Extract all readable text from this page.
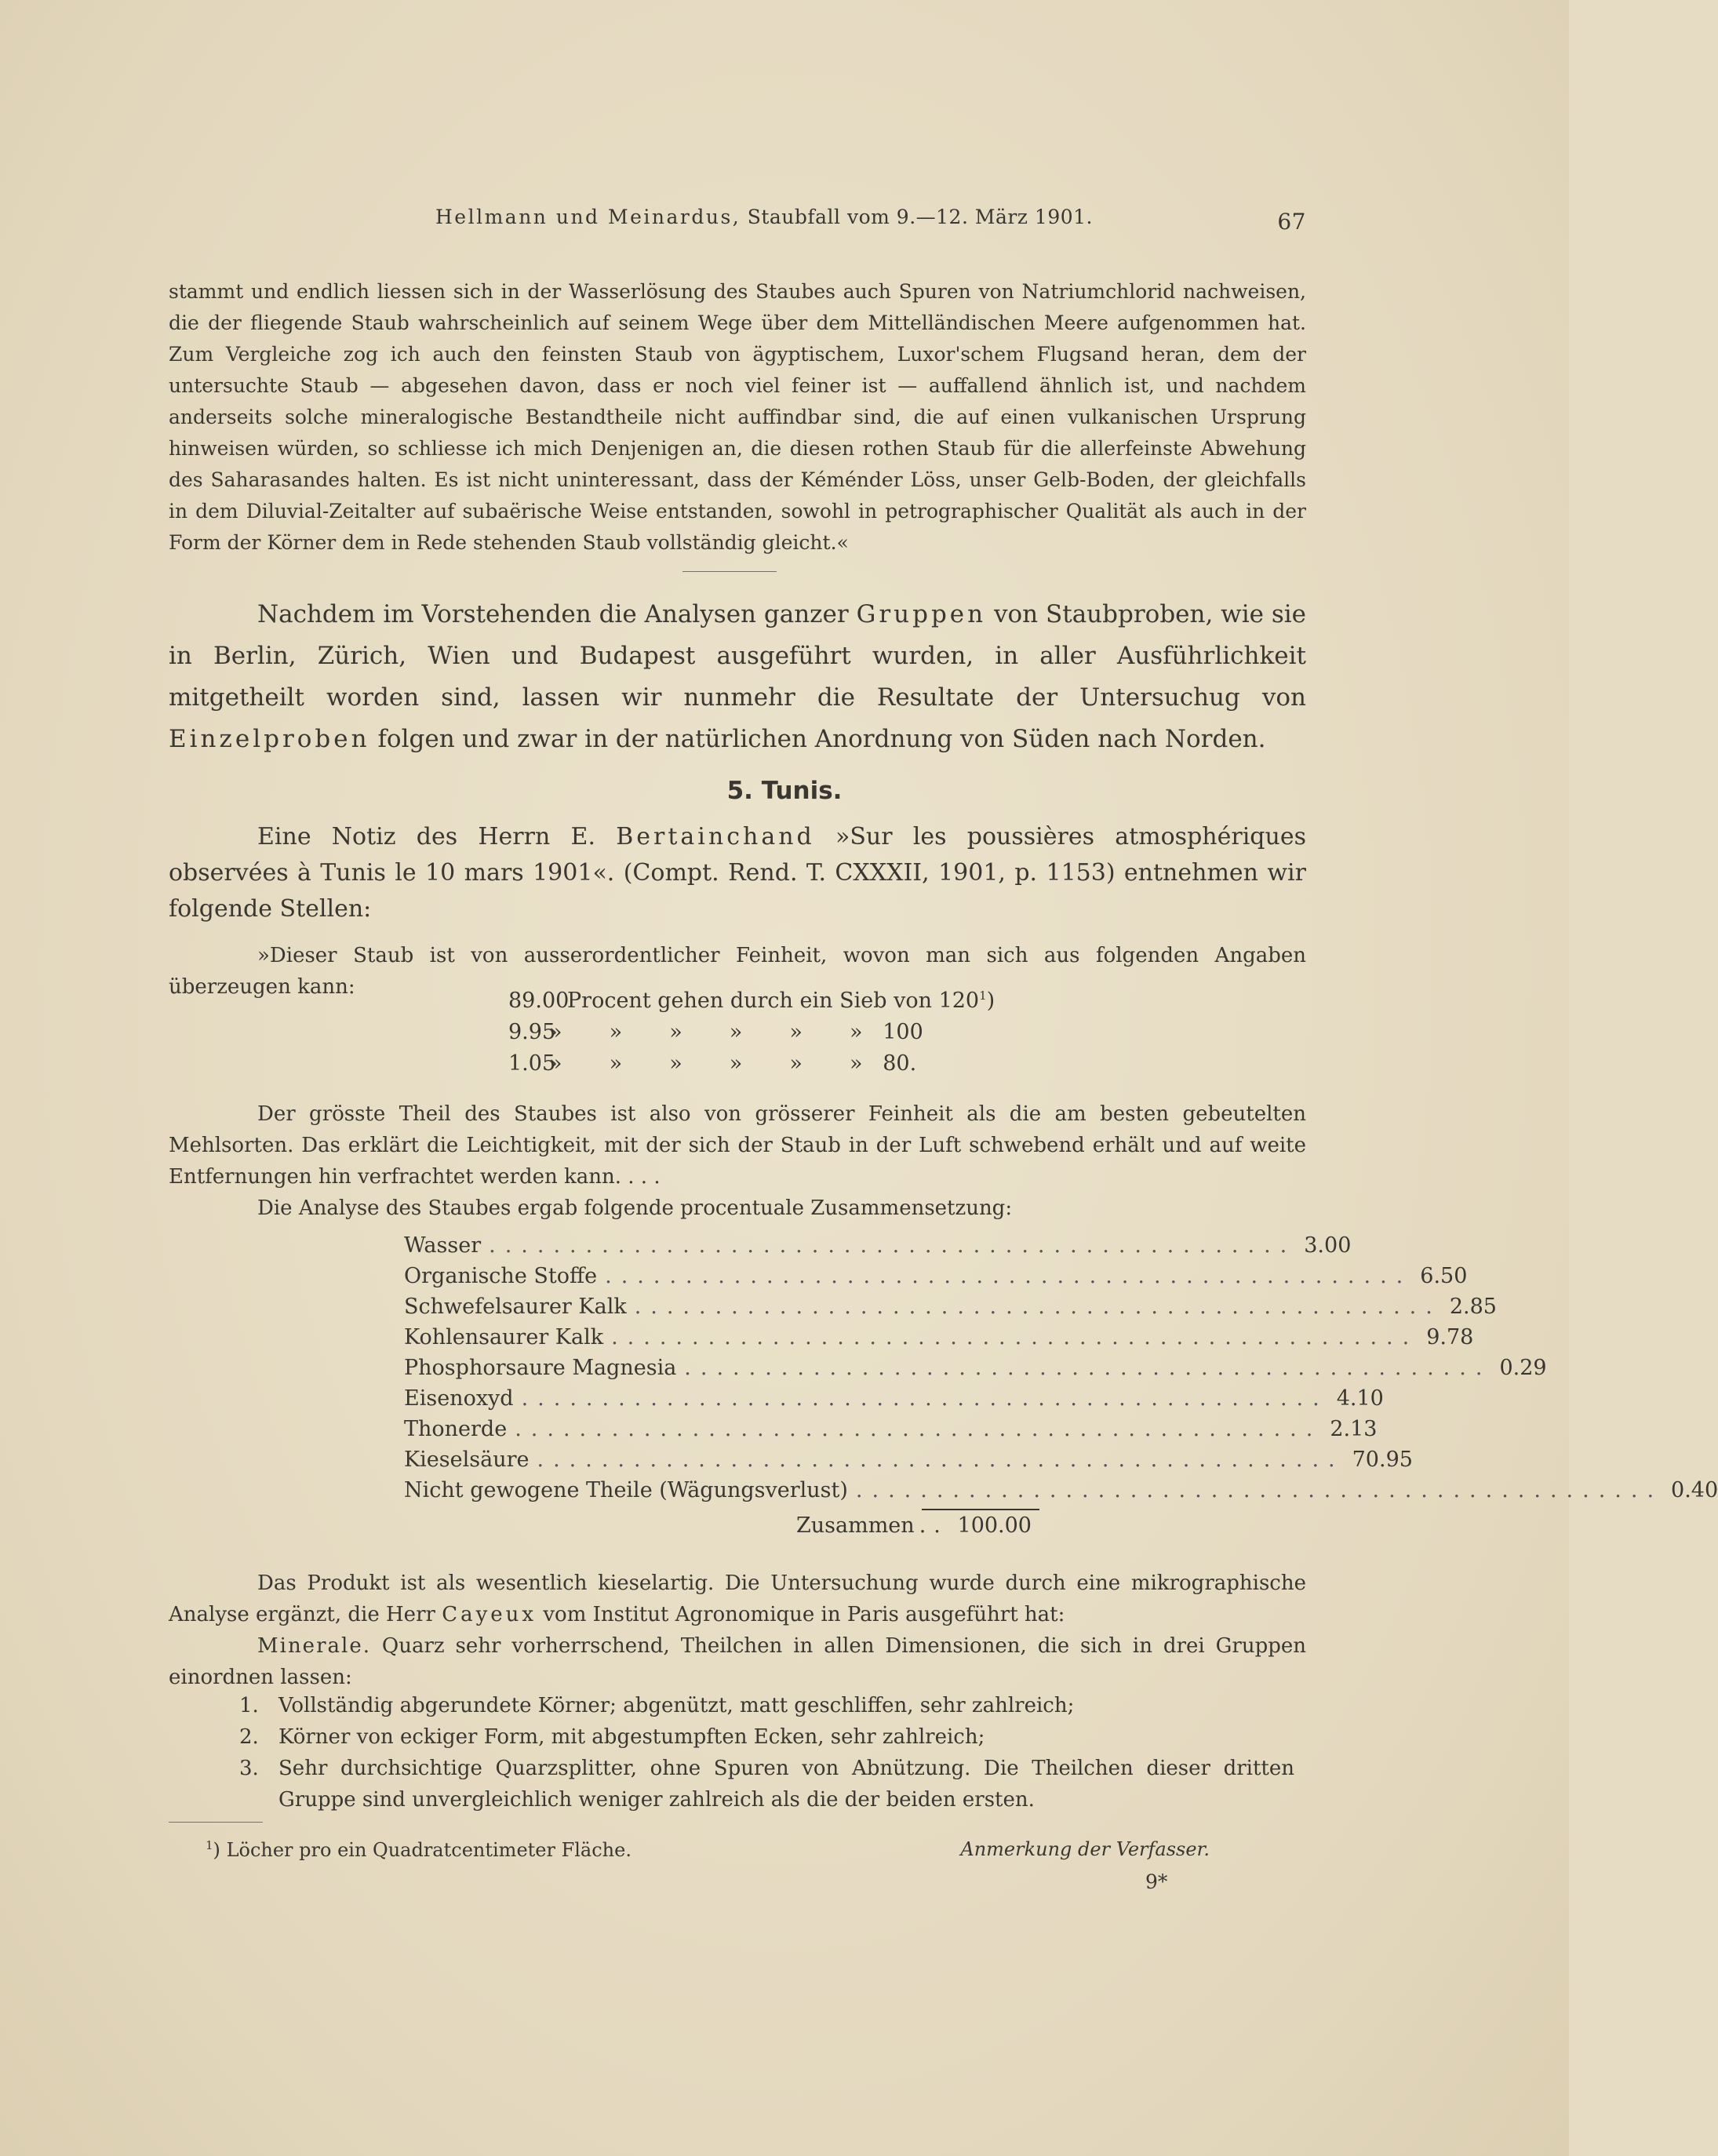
Hellmann und Meinardus, Staubfall vom 9.—12. März 1901.	67

stammt und endlich liessen sich in der Wasserlösung des Staubes auch Spuren von Natriumchlorid nachweisen, die der fliegende Staub wahrscheinlich auf seinem Wege über dem Mittelländischen Meere aufgenommen hat. Zum Vergleiche zog ich auch den feinsten Staub von ägyptischem, Luxor'schem Flugsand heran, dem der untersuchte Staub — abgesehen davon, dass er noch viel feiner ist — auffallend ähnlich ist, und nachdem anderseits solche mineralogische Bestandtheile nicht auffindbar sind, die auf einen vulkanischen Ursprung hinweisen würden, so schliesse ich mich Denjenigen an, die diesen rothen Staub für die allerfeinste Abwehung des Saharasandes halten. Es ist nicht uninteressant, dass der Kéménder Löss, unser Gelb-Boden, der gleichfalls in dem Diluvial-Zeitalter auf subaërische Weise entstanden, sowohl in petrographischer Qualität als auch in der Form der Körner dem in Rede stehenden Staub vollständig gleicht.«

Nachdem im Vorstehenden die Analysen ganzer Gruppen von Staubproben, wie sie in Berlin, Zürich, Wien und Budapest ausgeführt wurden, in aller Ausführlichkeit mitgetheilt worden sind, lassen wir nunmehr die Resultate der Untersuchug von Einzelproben folgen und zwar in der natürlichen Anordnung von Süden nach Norden.

5. Tunis.

Eine Notiz des Herrn E. Bertainchand »Sur les poussières atmosphériques observées à Tunis le 10 mars 1901«. (Compt. Rend. T. CXXXII, 1901, p. 1153) entnehmen wir folgende Stellen:

»Dieser Staub ist von ausserordentlicher Feinheit, wovon man sich aus folgenden Angaben überzeugen kann:

89.00
Procent gehen durch ein Sieb von $120^1$)
9.95
»       »       »       »       »       »   100
1.05
»       »       »       »       »       »   80.

Der grösste Theil des Staubes ist also von grösserer Feinheit als die am besten gebeutelten Mehlsorten. Das erklärt die Leichtigkeit, mit der sich der Staub in der Luft schwebend erhält und auf weite Entfernungen hin verfrachtet werden kann. . . .

Die Analyse des Staubes ergab folgende procentuale Zusammensetzung:

Wasser .................................................. 3.00
Organische Stoffe .................................................. 6.50
Schwefelsaurer Kalk .................................................. 2.85
Kohlensaurer Kalk .................................................. 9.78
Phosphorsaure Magnesia .................................................. 0.29
Eisenoxyd .................................................. 4.10
Thonerde .................................................. 2.13
Kieselsäure .................................................. 70.95
Nicht gewogene Theile (Wägungsverlust) .................................................. 0.40
Zusammen .. 100.00

Das Produkt ist als wesentlich kieselartig. Die Untersuchung wurde durch eine mikrographische Analyse ergänzt, die Herr Cayeux vom Institut Agronomique in Paris ausgeführt hat:

Minerale. Quarz sehr vorherrschend, Theilchen in allen Dimensionen, die sich in drei Gruppen einordnen lassen:

1. Vollständig abgerundete Körner; abgenützt, matt geschliffen, sehr zahlreich;
2. Körner von eckiger Form, mit abgestumpften Ecken, sehr zahlreich;
3. Sehr durchsichtige Quarzsplitter, ohne Spuren von Abnützung. Die Theilchen dieser dritten Gruppe sind unvergleichlich weniger zahlreich als die der beiden ersten.
$^1$) Löcher pro ein Quadratcentimeter Fläche.	Anmerkung der Verfasser.
9*
